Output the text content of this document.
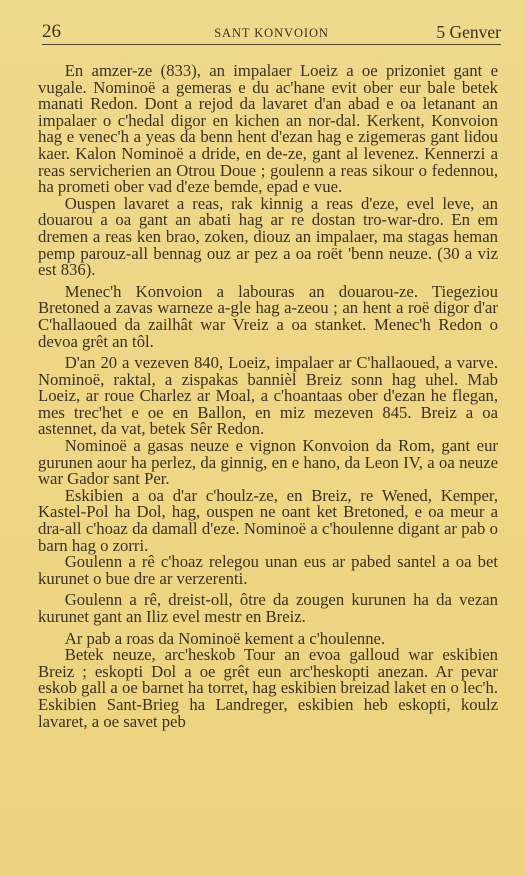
26	SANT KONVOION	5 Genver

En amzer-ze (833), an impalaer Loeiz a oe prizoniet gant e vugale. Nominoë a gemeras e du ac'hane evit ober eur bale betek manati Redon. Dont a rejod da lavaret d'an abad e oa letanant an impalaer o c'hedal digor en kichen an nor-dal. Kerkent, Konvoion hag e venec'h a yeas da benn hent d'ezan hag e zigemeras gant lidou kaer. Kalon Nominoë a dride, en de-ze, gant al levenez. Kennerzi a reas servicherien an Otrou Doue ; goulenn a reas sikour o fedennou, ha prometi ober vad d'eze bemde, epad e vue.

Ouspen lavaret a reas, rak kinnig a reas d'eze, evel leve, an douarou a oa gant an abati hag ar re dostan tro-war-dro. En em dremen a reas ken brao, zoken, diouz an impalaer, ma stagas heman pemp parouz-all bennag ouz ar pez a oa roët 'benn neuze. (30 a viz est 836).

Menec'h Konvoion a labouras an douarou-ze. Tiegeziou Bretoned a zavas warneze a-gle hag a-zeou ; an hent a roë digor d'ar C'hallaoued da zailhât war Vreiz a oa stanket. Menec'h Redon o devoa grêt an tôl.

D'an 20 a vezeven 840, Loeiz, impalaer ar C'hallaoued, a varve. Nominoë, raktal, a zispakas bannièl Breiz sonn hag uhel. Mab Loeiz, ar roue Charlez ar Moal, a c'hoantaas ober d'ezan he flegan, mes trec'het e oe en Ballon, en miz mezeven 845. Breiz a oa astennet, da vat, betek Sêr Redon.

Nominoë a gasas neuze e vignon Konvoion da Rom, gant eur gurunen aour ha perlez, da ginnig, en e hano, da Leon IV, a oa neuze war Gador sant Per.

Eskibien a oa d'ar c'houlz-ze, en Breiz, re Wened, Kemper, Kastel-Pol ha Dol, hag, ouspen ne oant ket Bretoned, e oa meur a dra-all c'hoaz da damall d'eze. Nominoë a c'houlenne digant ar pab o barn hag o zorri.

Goulenn a rê c'hoaz relegou unan eus ar pabed santel a oa bet kurunet o bue dre ar verzerenti.

Goulenn a rê, dreist-oll, ôtre da zougen kurunen ha da vezan kurunet gant an Iliz evel mestr en Breiz.

Ar pab a roas da Nominoë kement a c'houlenne.

Betek neuze, arc'heskob Tour an evoa galloud war eskibien Breiz ; eskopti Dol a oe grêt eun arc'heskopti anezan. Ar pevar eskob gall a oe barnet ha torret, hag eskibien breizad laket en o lec'h. Eskibien Sant-Brieg ha Landreger, eskibien heb eskopti, koulz lavaret, a oe savet peb
